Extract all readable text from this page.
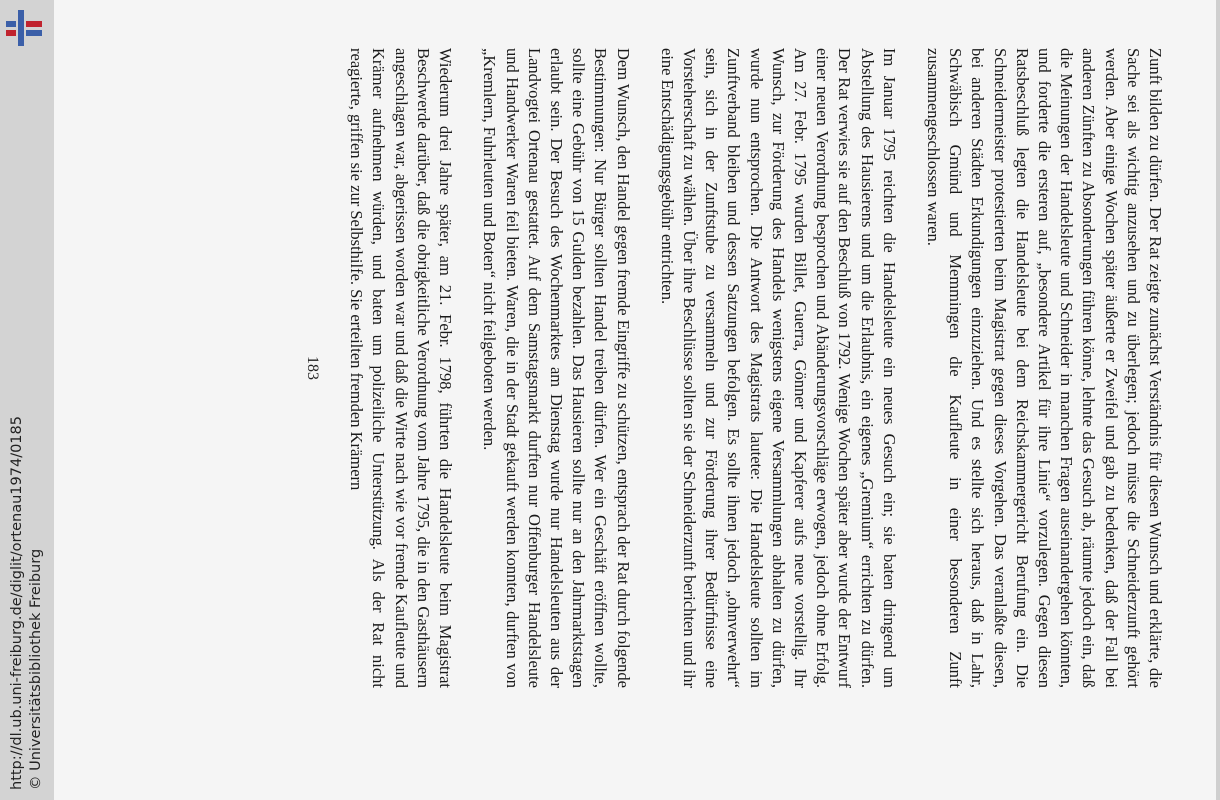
http://dl.ub.uni-freiburg.de/diglit/ortenau1974/0185 © Universitätsbibliothek Freiburg	Zunft bilden zu dürfen. Der Rat zeigte zunächst Verständnis für diesen Wunsch und erklärte, die Sache sei als wichtig anzusehen und zu überlegen; jedoch müsse die Schneiderzunft gehört werden. Aber einige Wochen später äußerte er Zweifel und gab zu bedenken, daß der Fall bei anderen Zünften zu Absonderungen führen könne, lehnte das Gesuch ab, räumte jedoch ein, daß die Meinungen der Handelsleute und Schneider in manchen Fragen auseinandergehen könnten, und forderte die ersteren auf, „besondere Artikel für ihre Linie“ vorzulegen. Gegen diesen Ratsbeschluß legten die Handelsleute bei dem Reichskammergericht Berufung ein. Die Schneidermeister protestierten beim Magistrat gegen dieses Vorgehen. Das veranlaßte diesen, bei anderen Städten Erkundigungen einzuziehen. Und es stellte sich heraus, daß in Lahr, Schwäbisch Gmünd und Memmingen die Kaufleute in einer besonderen Zunft zusammengeschlossen waren.

Im Januar 1795 reichten die Handelsleute ein neues Gesuch ein; sie baten dringend um Abstellung des Hausierens und um die Erlaubnis, ein eigenes „Gremium“ errichten zu dürfen. Der Rat verwies sie auf den Beschluß von 1792. Wenige Wochen später aber wurde der Entwurf einer neuen Verordnung besprochen und Abänderungsvorschläge erwogen, jedoch ohne Erfolg. Am 27. Febr. 1795 wurden Billet, Guerra, Gönner und Kapferer aufs neue vorstellig. Ihr Wunsch, zur Förderung des Handels wenigstens eigene Versammlungen abhalten zu dürfen, wurde nun entsprochen. Die Antwort des Magistrats lautete: Die Handelsleute sollten im Zunftverband bleiben und dessen Satzungen befolgen. Es sollte ihnen jedoch „ohnverwehrt“ sein, sich in der Zunftstube zu versammeln und zur Förderung ihrer Bedürfnisse eine Vorsteherschaft zu wählen. Über ihre Beschlüsse sollten sie der Schneiderzunft berichten und ihr eine Entschädigungsgebühr entrichten.

Dem Wunsch, den Handel gegen fremde Eingriffe zu schützen, entsprach der Rat durch folgende Bestimmungen: Nur Bürger sollten Handel treiben dürfen. Wer ein Geschäft eröffnen wollte, sollte eine Gebühr von 15 Gulden bezahlen. Das Hausieren sollte nur an den Jahrmarktstagen erlaubt sein. Der Besuch des Wochenmarktes am Dienstag wurde nur Handelsleuten aus der Landvogtei Ortenau gestattet. Auf dem Samstagsmarkt durften nur Offenburger Handelsleute und Handwerker Waren feil bieten. Waren, die in der Stadt gekauft werden konnten, durften von „Kremlern, Fuhrleuten und Boten“ nicht feilgeboten werden.

Wiederum drei Jahre später, am 21. Febr. 1798, führten die Handelsleute beim Magistrat Beschwerde darüber, daß die obrigkeitliche Verordnung vom Jahre 1795, die in den Gasthäusern angeschlagen war, abgerissen worden war und daß die Wirte nach wie vor fremde Kaufleute und Krämer aufnehmen würden, und baten um polizeiliche Unterstützung. Als der Rat nicht reagierte, griffen sie zur Selbsthilfe. Sie erteilten fremden Krämern

183
